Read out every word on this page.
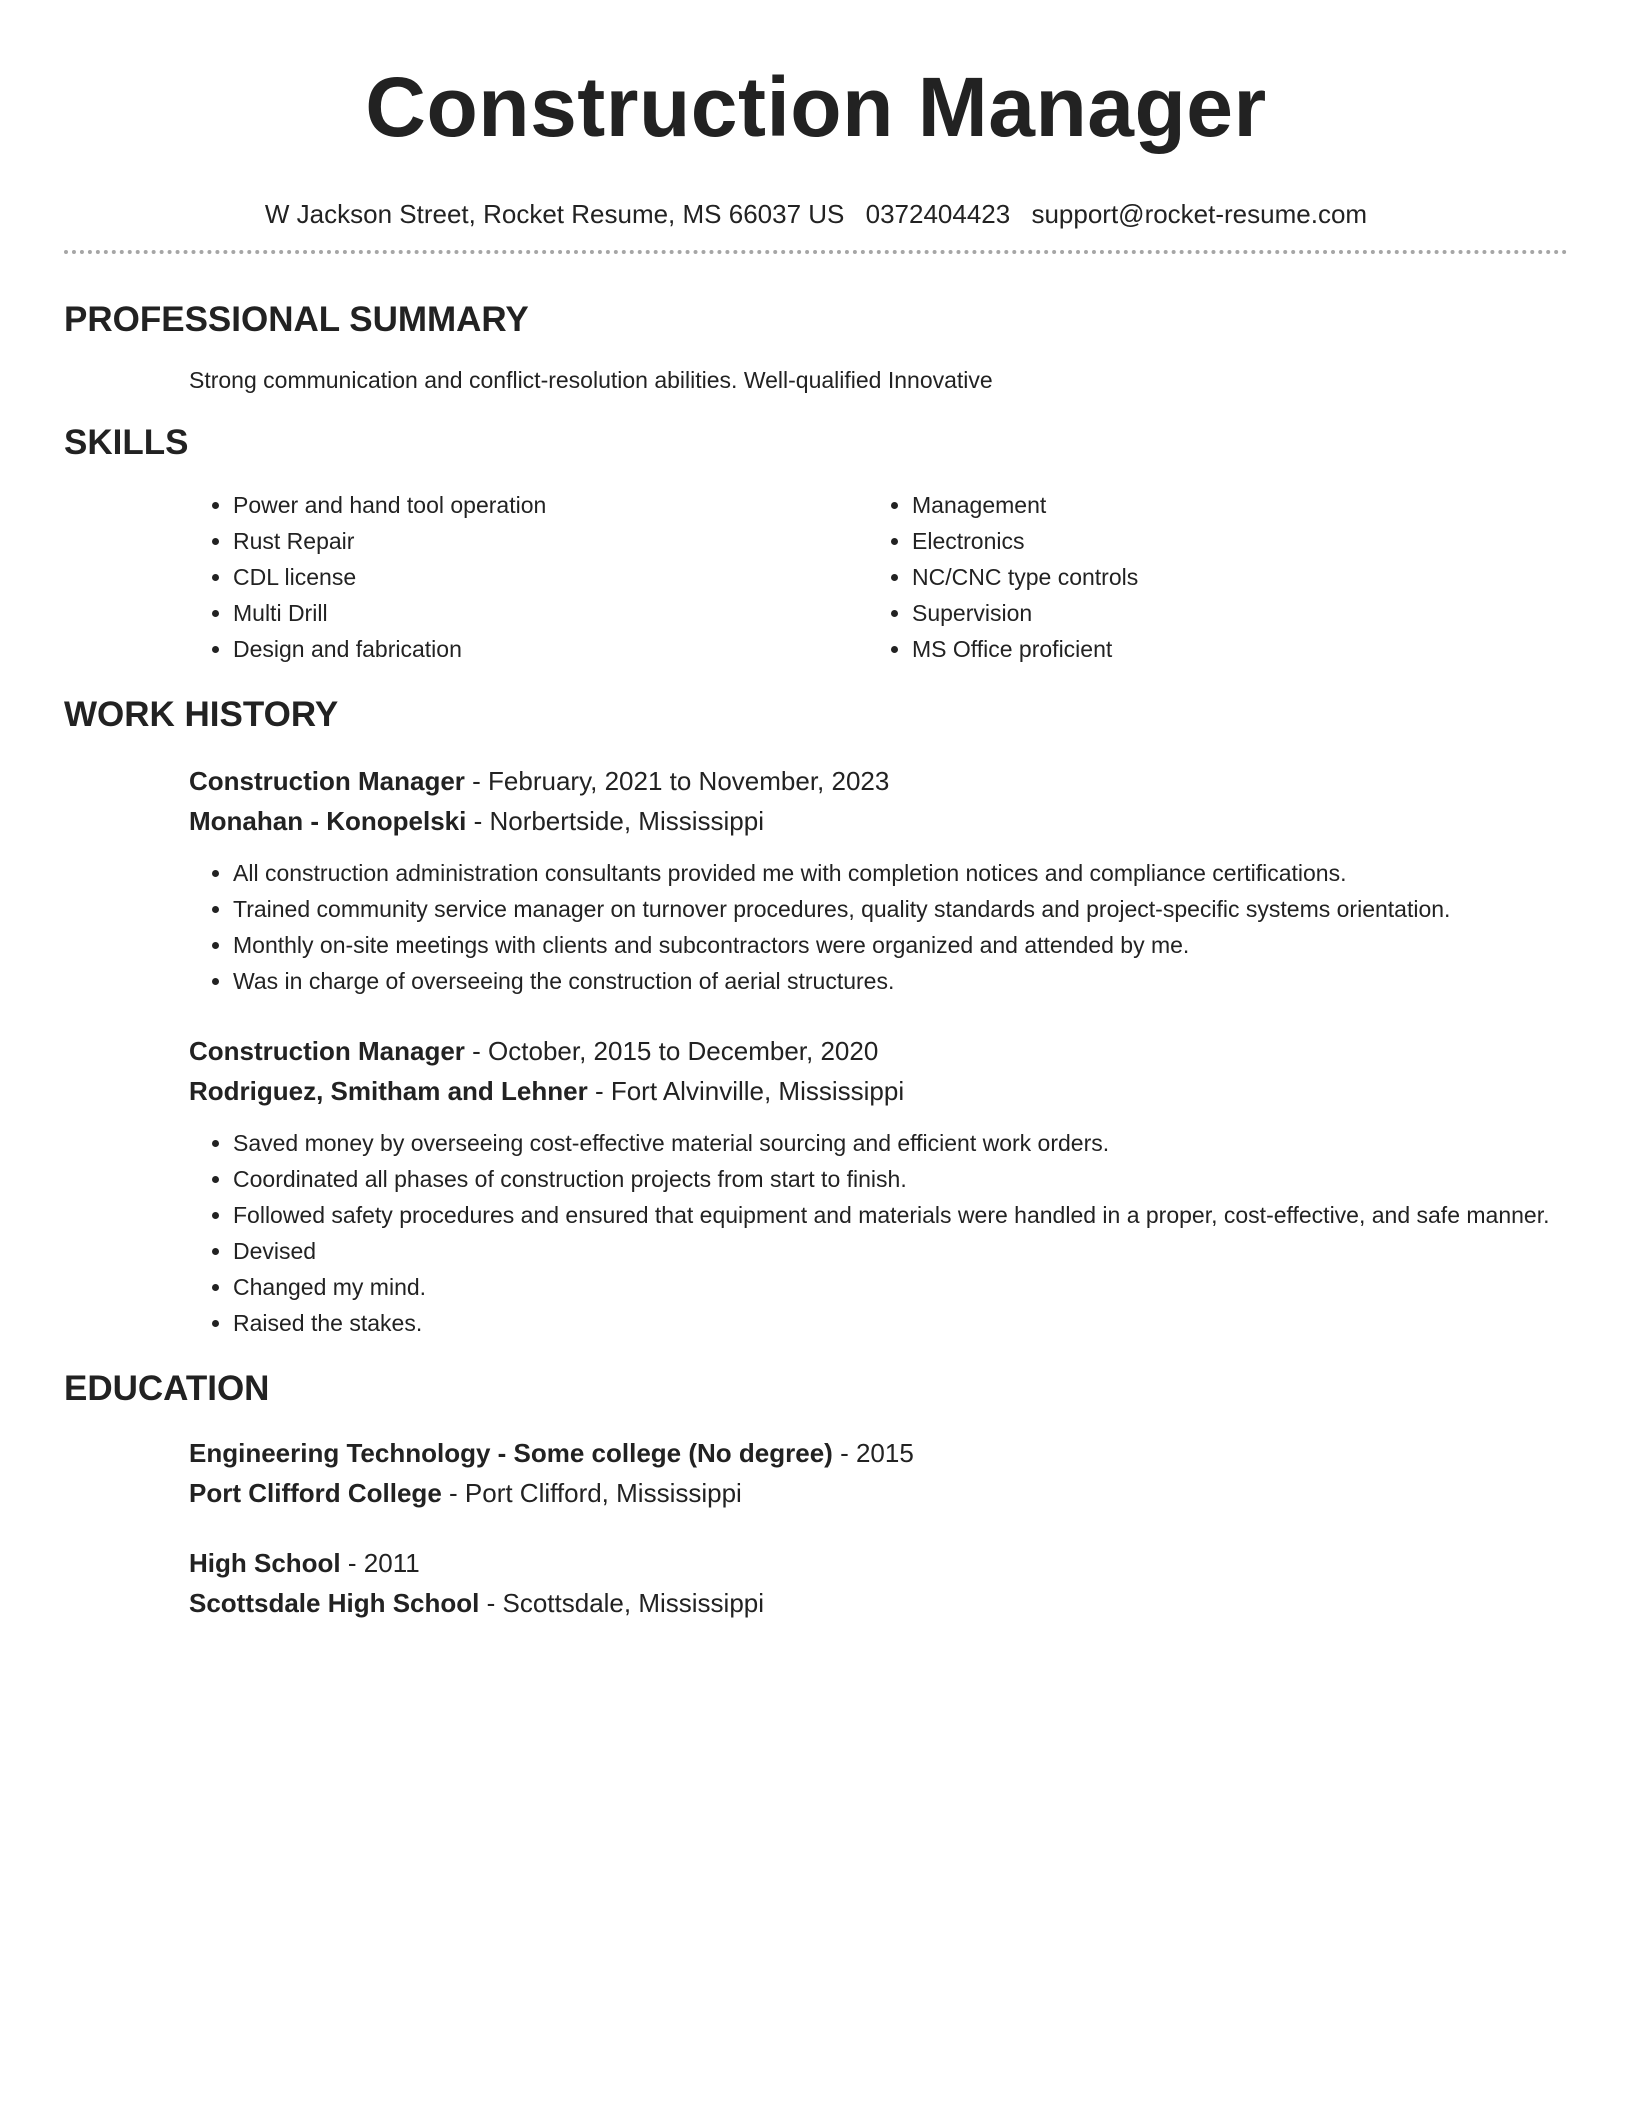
Construction Manager
W Jackson Street, Rocket Resume, MS 66037 US 0372404423 support@rocket-resume.com
PROFESSIONAL SUMMARY

Strong communication and conflict-resolution abilities. Well-qualified Innovative

SKILLS
• Power and hand tool operation
• Rust Repair
• CDL license
• Multi Drill
• Design and fabrication
• Management
• Electronics
• NC/CNC type controls
• Supervision
• MS Office proficient
WORK HISTORY
Construction Manager - February, 2021 to November, 2023
Monahan - Konopelski - Norbertside, Mississippi
• All construction administration consultants provided me with completion notices and compliance certifications.
• Trained community service manager on turnover procedures, quality standards and project-specific systems orientation.
• Monthly on-site meetings with clients and subcontractors were organized and attended by me.
• Was in charge of overseeing the construction of aerial structures.
Construction Manager - October, 2015 to December, 2020
Rodriguez, Smitham and Lehner - Fort Alvinville, Mississippi
• Saved money by overseeing cost-effective material sourcing and efficient work orders.
• Coordinated all phases of construction projects from start to finish.
• Followed safety procedures and ensured that equipment and materials were handled in a proper, cost-effective, and safe manner.
• Devised
• Changed my mind.
• Raised the stakes.
EDUCATION
Engineering Technology - Some college (No degree) - 2015
Port Clifford College - Port Clifford, Mississippi
High School - 2011
Scottsdale High School - Scottsdale, Mississippi
